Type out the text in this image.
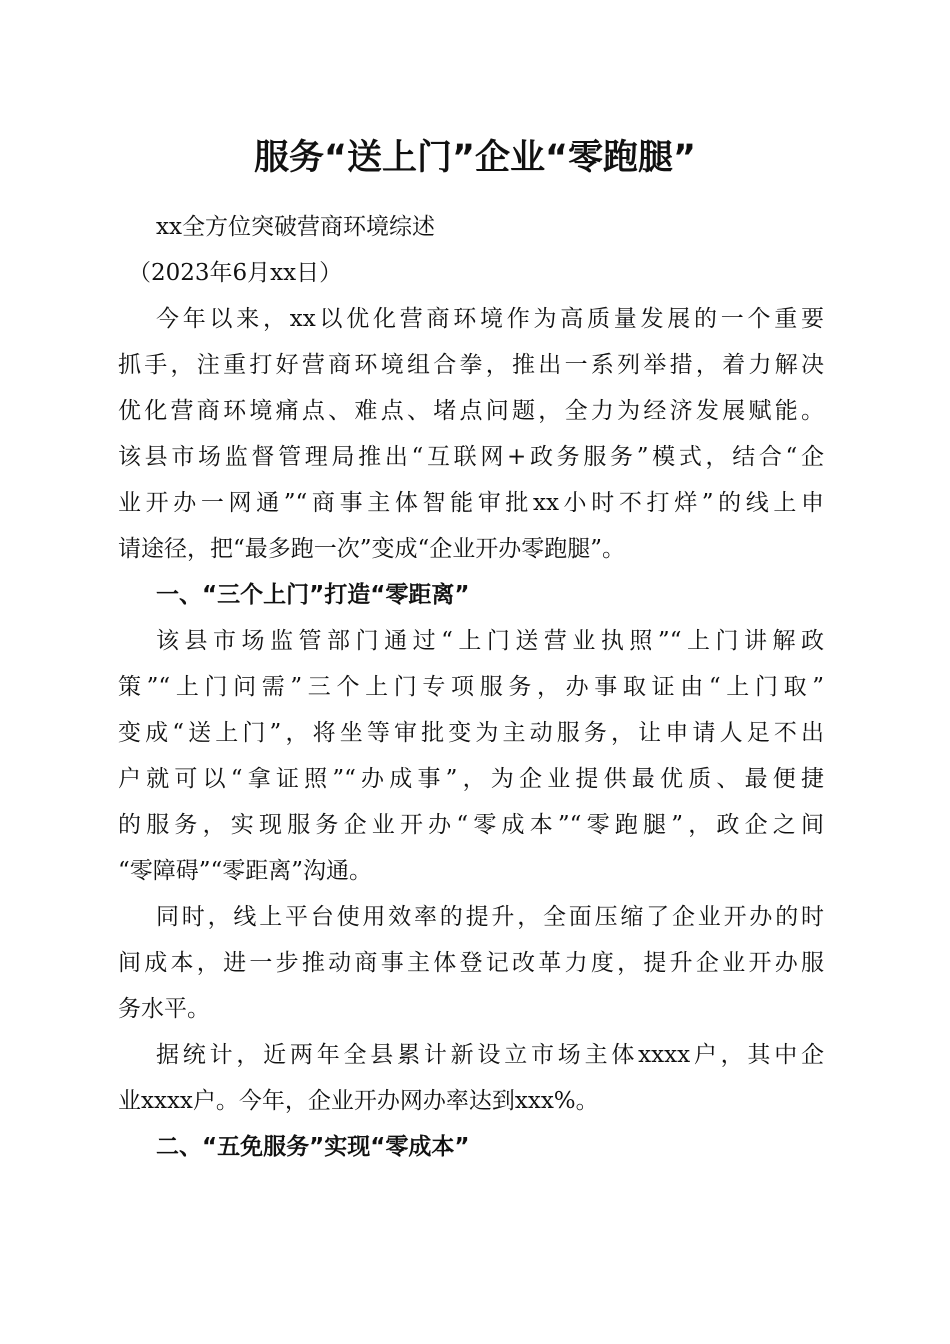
服务“送上门”企业“零跑腿”
xx全方位突破营商环境综述
（2023年6月xx日）
今年以来，xx以优化营商环境作为高质量发展的一个重要
抓手，注重打好营商环境组合拳，推出一系列举措，着力解决
优化营商环境痛点、难点、堵点问题，全力为经济发展赋能。
该县市场监督管理局推出“互联网+政务服务”模式，结合“企
业开办一网通”“商事主体智能审批xx小时不打烊”的线上申
请途径，把“最多跑一次”变成“企业开办零跑腿”。
一、“三个上门”打造“零距离”
该县市场监管部门通过“上门送营业执照”“上门讲解政
策”“上门问需”三个上门专项服务，办事取证由“上门取”
变成“送上门”，将坐等审批变为主动服务，让申请人足不出
户就可以“拿证照”“办成事”，为企业提供最优质、最便捷
的服务，实现服务企业开办“零成本”“零跑腿”，政企之间
“零障碍”“零距离”沟通。
同时，线上平台使用效率的提升，全面压缩了企业开办的时
间成本，进一步推动商事主体登记改革力度，提升企业开办服
务水平。
据统计，近两年全县累计新设立市场主体xxxx户，其中企
业xxxx户。今年，企业开办网办率达到xxx%。
二、“五免服务”实现“零成本”
